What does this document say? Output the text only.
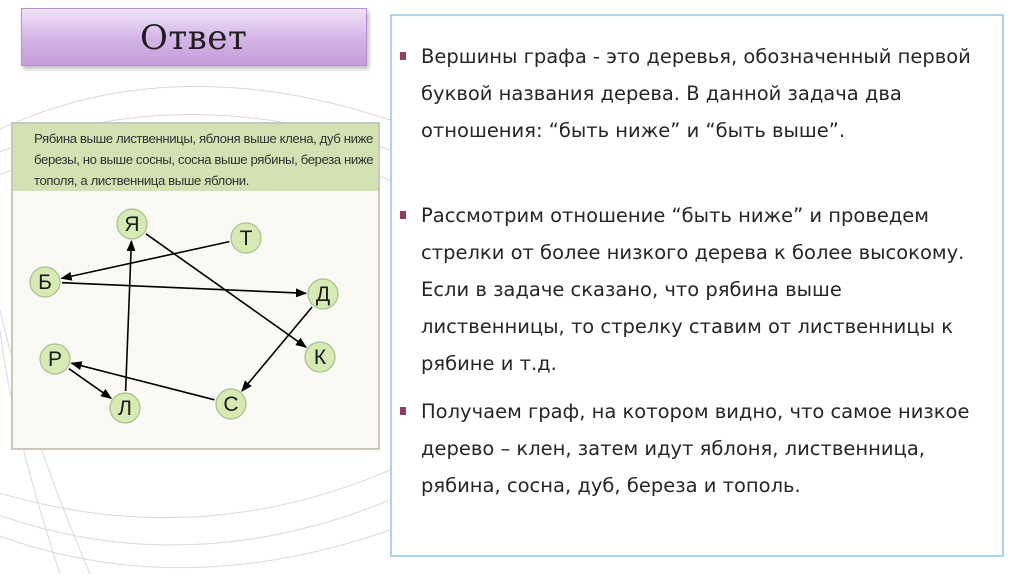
Ответ
Рябина выше лиственницы, яблоня выше клена, дуб ниже березы, но выше сосны, сосна выше рябины, береза ниже тополя, а лиственница выше яблони.
Я
Т
Б
Д
Р	К
Л	С
Вершины графа - это деревья, обозначенный первой буквой названия дерева. В данной задача два отношения: “быть ниже” и “быть выше”.
Рассмотрим отношение “быть ниже” и проведем стрелки от более низкого дерева к более высокому. Если в задаче сказано, что рябина выше лиственницы, то стрелку ставим от лиственницы к рябине и т.д.
Получаем граф, на котором видно, что самое низкое дерево – клен, затем идут яблоня, лиственница, рябина, сосна, дуб, береза и тополь.
